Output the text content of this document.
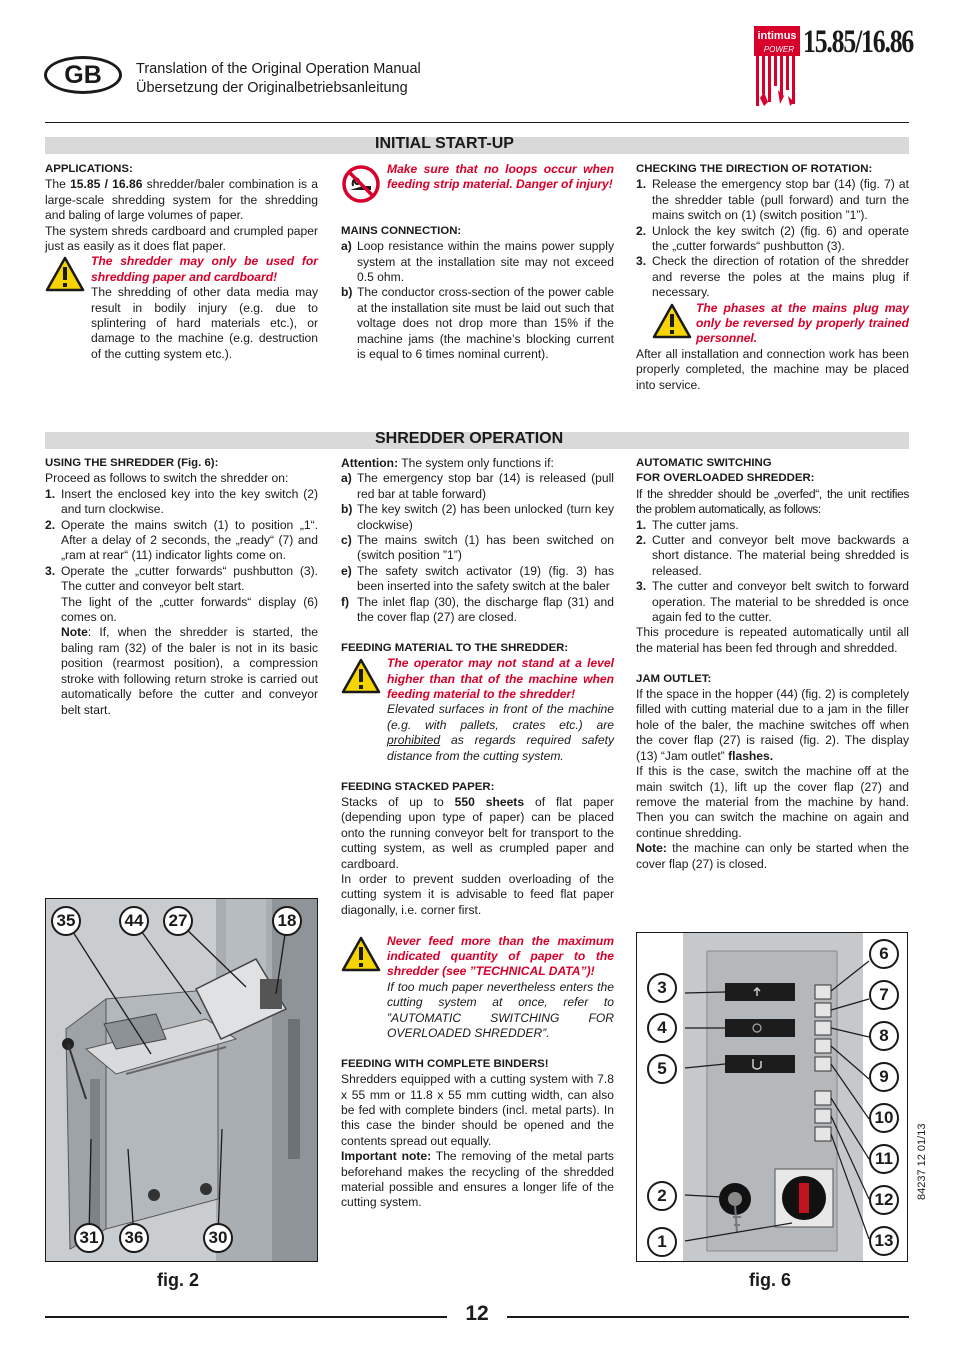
GB	Translation of the Original Operation Manual
Übersetzung der Originalbetriebsanleitung
intimus
POWER 15.85/16.86
INITIAL START-UP
APPLICATIONS:
The 15.85 / 16.86 shredder/baler combination is a large-scale shredding system for the shredding and baling of large volumes of paper.
The system shreds cardboard and crumpled paper just as easily as it does flat paper.
The shredder may only be used for shredding paper and cardboard!
The shredding of other data media may result in bodily injury (e.g. due to splintering of hard materials etc.), or damage to the machine (e.g. destruction of the cutting system etc.).
Make sure that no loops occur when feeding strip material. Danger of injury!
MAINS CONNECTION:
a) Loop resistance within the mains power supply system at the installation site may not exceed 0.5 ohm.
b) The conductor cross-section of the power cable at the installation site must be laid out such that voltage does not drop more than 15% if the machine jams (the machine’s blocking current is equal to 6 times nominal current).
CHECKING THE DIRECTION OF ROTATION:
1. Release the emergency stop bar (14) (fig. 7) at the shredder table (pull forward) and turn the mains switch on (1) (switch position ”1”).
2. Unlock the key switch (2) (fig. 6) and operate the „cutter forwards“ pushbutton (3).
3. Check the direction of rotation of the shredder and reverse the poles at the mains plug if necessary.
The phases at the mains plug may only be reversed by properly trained personnel.
After all installation and connection work has been properly completed, the machine may be placed into service.
SHREDDER OPERATION
USING THE SHREDDER (Fig. 6):
Proceed as follows to switch the shredder on:
1. Insert the enclosed key into the key switch (2) and turn clockwise.
2. Operate the mains switch (1) to position „1“. After a delay of 2 seconds, the „ready“ (7) and „ram at rear“ (11) indicator lights come on.
3. Operate the „cutter forwards“ pushbutton (3). The cutter and conveyor belt start.
The light of the „cutter forwards“ display (6) comes on.
Note: If, when the shredder is started, the baling ram (32) of the baler is not in its basic position (rearmost position), a compression stroke with following return stroke is carried out automatically before the cutter and conveyor belt start.
Attention: The system only functions if:
a) The emergency stop bar (14) is released (pull red bar at table forward)
b) The key switch (2) has been unlocked (turn key clockwise)
c) The mains switch (1) has been switched on (switch position ”1”)
e) The safety switch activator (19) (fig. 3) has been inserted into the safety switch at the baler
f) The inlet flap (30), the discharge flap (31) and the cover flap (27) are closed.
FEEDING MATERIAL TO THE SHREDDER:
The operator may not stand at a level higher than that of the machine when feeding material to the shredder!
Elevated surfaces in front of the machine (e.g. with pallets, crates etc.) are prohibited as regards required safety distance from the cutting system.
FEEDING STACKED PAPER:
Stacks of up to 550 sheets of flat paper (depending upon type of paper) can be placed onto the running conveyor belt for transport to the cutting system, as well as crumpled paper and cardboard.
In order to prevent sudden overloading of the cutting system it is advisable to feed flat paper diagonally, i.e. corner first.
Never feed more than the maximum indicated quantity of paper to the shredder (see ”TECHNICAL DATA”)!
If too much paper nevertheless enters the cutting system at once, refer to ”AUTOMATIC SWITCHING FOR OVERLOADED SHREDDER”.
FEEDING WITH COMPLETE BINDERS!
Shredders equipped with a cutting system with 7.8 x 55 mm or 11.8 x 55 mm cutting width, can also be fed with complete binders (incl. metal parts). In this case the binder should be opened and the contents spread out equally.
Important note: The removing of the metal parts beforehand makes the recycling of the shredded material possible and ensures a longer life of the cutting system.
AUTOMATIC SWITCHING
FOR OVERLOADED SHREDDER:
If the shredder should be „overfed“, the unit rectifies the problem automatically, as follows:
1. The cutter jams.
2. Cutter and conveyor belt move backwards a short distance. The material being shredded is released.
3. The cutter and conveyor belt switch to forward operation. The material to be shredded is once again fed to the cutter.
This procedure is repeated automatically until all the material has been fed through and shredded.
JAM OUTLET:
If the space in the hopper (44) (fig. 2) is completely filled with cutting material due to a jam in the filler hole of the baler, the machine switches off when the cover flap (27) is raised (fig. 2). The display (13) “Jam outlet” flashes.
If this is the case, switch the machine off at the main switch (1), lift up the cover flap (27) and remove the material from the machine by hand. Then you can switch the machine on again and continue shredding.
Note: the machine can only be started when the cover flap (27) is closed.
35	44	27	18
31	36	30
fig. 2
3
4
5
2
1
6
7
8
9
10
11
12
13
fig. 6
84237 12 01/13
12
